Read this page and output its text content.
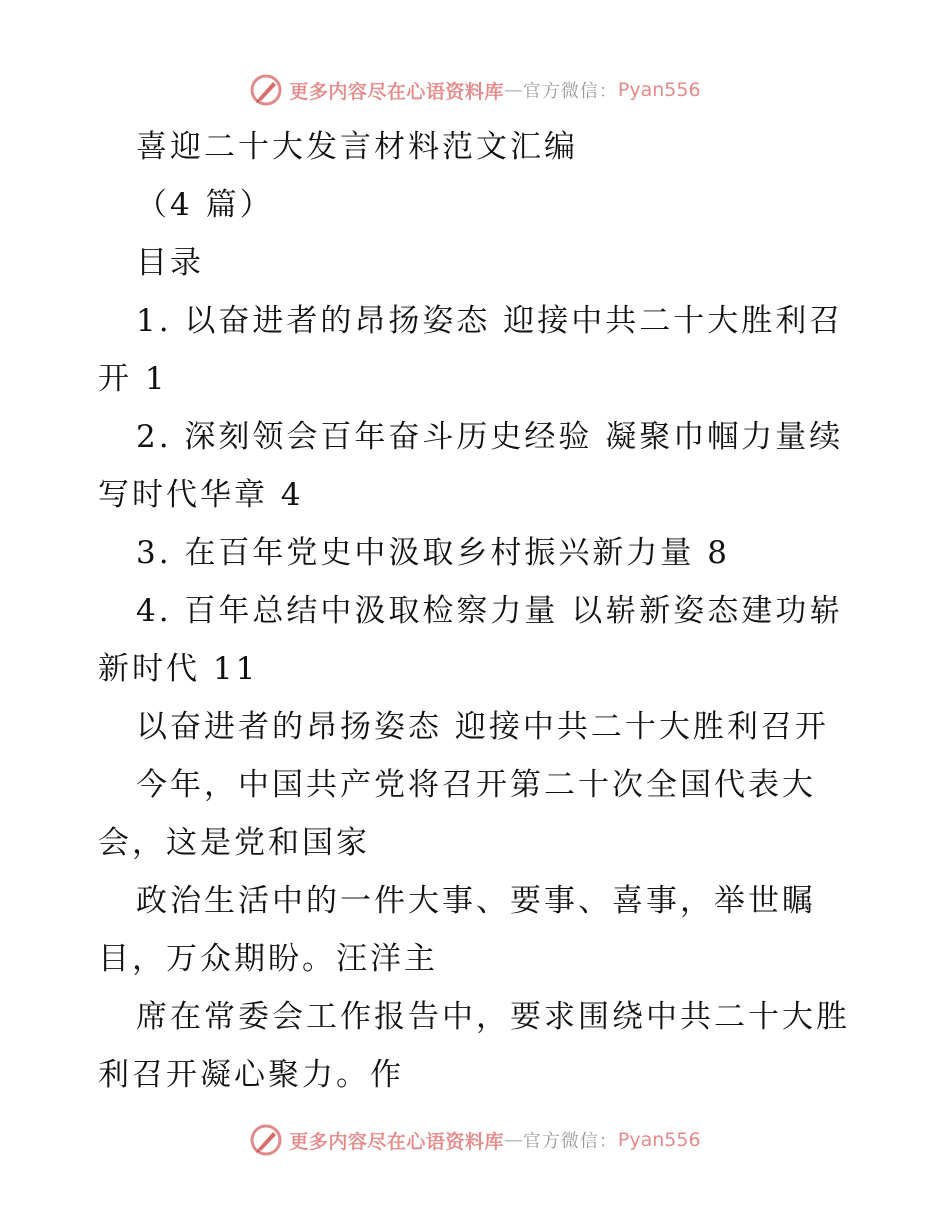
更多内容尽在心语资料库 — 官方微信： Pyan556
喜迎二十大发言材料范文汇编
（4 篇）
目录
1. 以奋进者的昂扬姿态 迎接中共二十大胜利召
开 1
2. 深刻领会百年奋斗历史经验 凝聚巾帼力量续
写时代华章 4
3. 在百年党史中汲取乡村振兴新力量 8
4. 百年总结中汲取检察力量 以崭新姿态建功崭
新时代 11
以奋进者的昂扬姿态 迎接中共二十大胜利召开
今年，中国共产党将召开第二十次全国代表大
会，这是党和国家
政治生活中的一件大事、要事、喜事，举世瞩
目，万众期盼。汪洋主
席在常委会工作报告中，要求围绕中共二十大胜
利召开凝心聚力。作
更多内容尽在心语资料库 — 官方微信： Pyan556
